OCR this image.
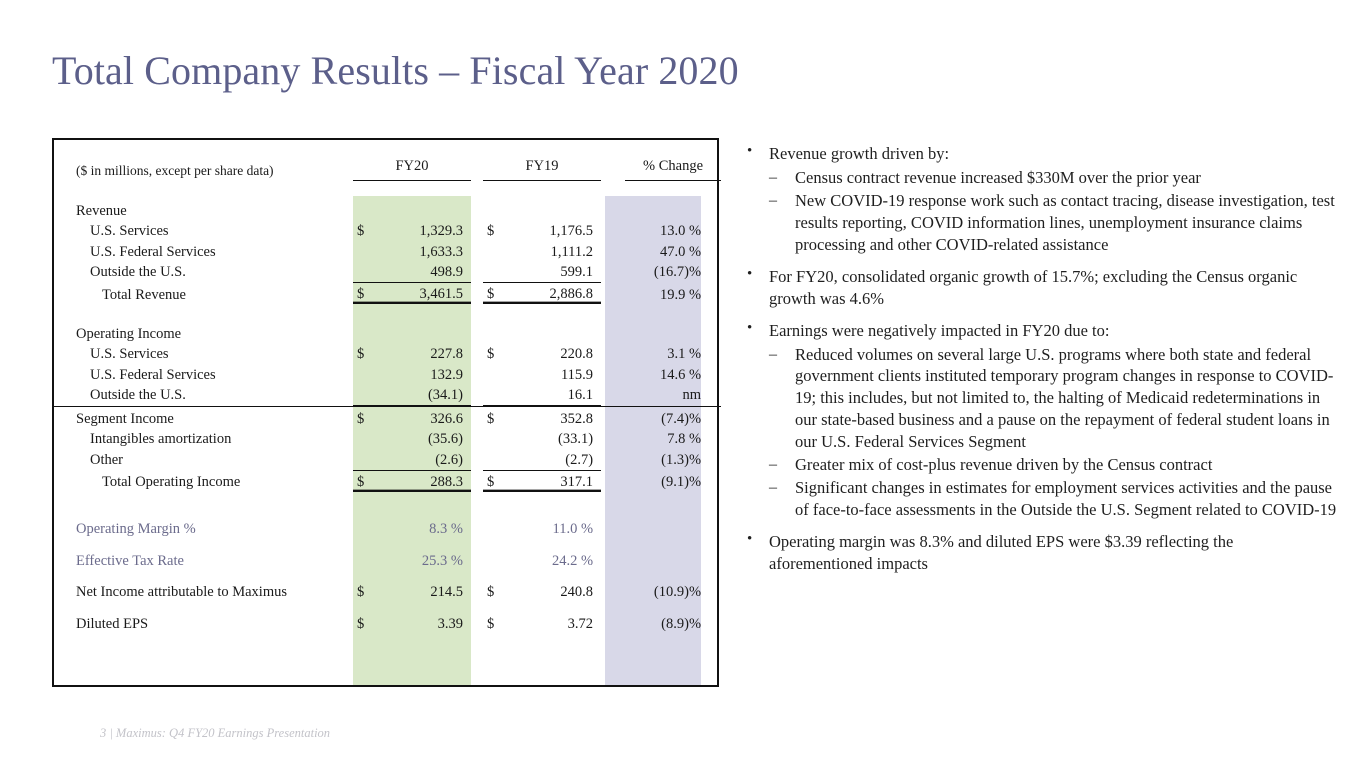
Total Company Results – Fiscal Year 2020
($ in millions, except per share data)	FY20			FY19			% Change

Revenue							
U.S. Services	$	1,329.3		$	1,176.5		13.0 %
U.S. Federal Services		1,633.3			1,111.2		47.0 %
Outside the U.S.		498.9			599.1		(16.7)%

Total Revenue	$	3,461.5		$	2,886.8		19.9 %

Operating Income							
U.S. Services	$	227.8		$	220.8		3.1 %
U.S. Federal Services		132.9			115.9		14.6 %
Outside the U.S.		(34.1)			16.1		nm

Segment Income	$	326.6		$	352.8		(7.4)%
Intangibles amortization		(35.6)			(33.1)		7.8 %
Other		(2.6)			(2.7)		(1.3)%

Total Operating Income	$	288.3		$	317.1		(9.1)%

Operating Margin %		8.3 %			11.0 %		

Effective Tax Rate		25.3 %			24.2 %		

Net Income attributable to Maximus	$	214.5		$	240.8		(10.9)%

Diluted EPS	$	3.39		$	3.72		(8.9)%
• Revenue growth driven by:
– Census contract revenue increased $330M over the prior year
– New COVID-19 response work such as contact tracing, disease investigation, test results reporting, COVID information lines, unemployment insurance claims processing and other COVID-related assistance
• For FY20, consolidated organic growth of 15.7%; excluding the Census organic growth was 4.6%
• Earnings were negatively impacted in FY20 due to:
– Reduced volumes on several large U.S. programs where both state and federal government clients instituted temporary program changes in response to COVID-19; this includes, but not limited to, the halting of Medicaid redeterminations in our state-based business and a pause on the repayment of federal student loans in our U.S. Federal Services Segment
– Greater mix of cost-plus revenue driven by the Census contract
– Significant changes in estimates for employment services activities and the pause of face-to-face assessments in the Outside the U.S. Segment related to COVID-19
• Operating margin was 8.3% and diluted EPS were $3.39 reflecting the aforementioned impacts
3 | Maximus: Q4 FY20 Earnings Presentation
